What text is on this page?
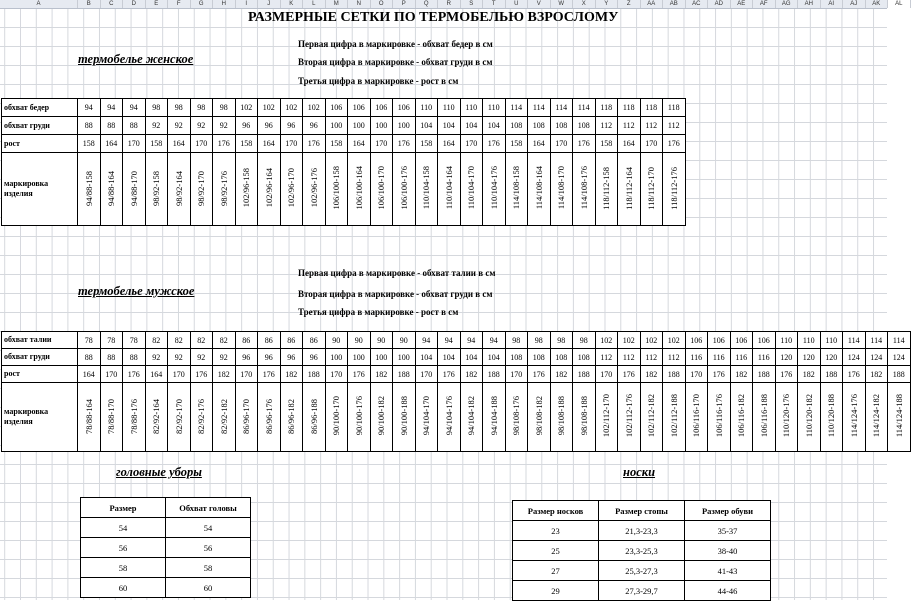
A	B	C	D	E	F	G	H	I	J	K	L	M	N	O	P	Q	R	S	T	U	V	W	X	Y	Z	AA	AB	AC	AD	AE	AF	AG	AH	AI	AJ	AK	AL
РАЗМЕРНЫЕ СЕТКИ ПО ТЕРМОБЕЛЬЮ ВЗРОСЛОМУ
термобелье женское
Первая цифра в маркировке - обхват бедер в см
Вторая цифра в маркировке - обхват груди в см
Третья цифра в маркировке - рост в см
обхват бедер	94	94	94	98	98	98	98	102	102	102	102	106	106	106	106	110	110	110	110	114	114	114	114	118	118	118	118
обхват груди	88	88	88	92	92	92	92	96	96	96	96	100	100	100	100	104	104	104	104	108	108	108	108	112	112	112	112
рост	158	164	170	158	164	170	176	158	164	170	176	158	164	170	176	158	164	170	176	158	164	170	176	158	164	170	176
маркировка изделия	94/88-158	94/88-164	94/88-170	98/92-158	98/92-164	98/92-170	98/92-176	102/96-158	102/96-164	102/96-170	102/96-176	106/100-158	106/100-164	106/100-170	106/100-176	110/104-158	110/104-164	110/104-170	110/104-176	114/108-158	114/108-164	114/108-170	114/108-176	118/112-158	118/112-164	118/112-170	118/112-176
термобелье мужское
Первая цифра в маркировке - обхват талии в см
Вторая цифра в маркировке - обхват груди в см
Третья цифра в маркировке - рост в см
обхват талии	78	78	78	82	82	82	82	86	86	86	86	90	90	90	90	94	94	94	94	98	98	98	98	102	102	102	102	106	106	106	106	110	110	110	114	114	114
обхват груди	88	88	88	92	92	92	92	96	96	96	96	100	100	100	100	104	104	104	104	108	108	108	108	112	112	112	112	116	116	116	116	120	120	120	124	124	124
рост	164	170	176	164	170	176	182	170	176	182	188	170	176	182	188	170	176	182	188	170	176	182	188	170	176	182	188	170	176	182	188	176	182	188	176	182	188
маркировка изделия	78/88-164	78/88-170	78/88-176	82/92-164	82/92-170	82/92-176	82/92-182	86/96-170	86/96-176	86/96-182	86/96-188	90/100-170	90/100-176	90/100-182	90/100-188	94/104-170	94/104-176	94/104-182	94/104-188	98/108-176	98/108-182	98/108-188	98/108-188	102/112-170	102/112-176	102/112-182	102/112-188	106/116-170	106/116-176	106/116-182	106/116-188	110/120-176	110/120-182	110/120-188	114/124-176	114/124-182	114/124-188
головные уборы
Размер	Обхват головы
54	54
56	56
58	58
60	60
носки
Размер носков	Размер стопы	Размер обуви
23	21,3-23,3	35-37
25	23,3-25,3	38-40
27	25,3-27,3	41-43
29	27,3-29,7	44-46
